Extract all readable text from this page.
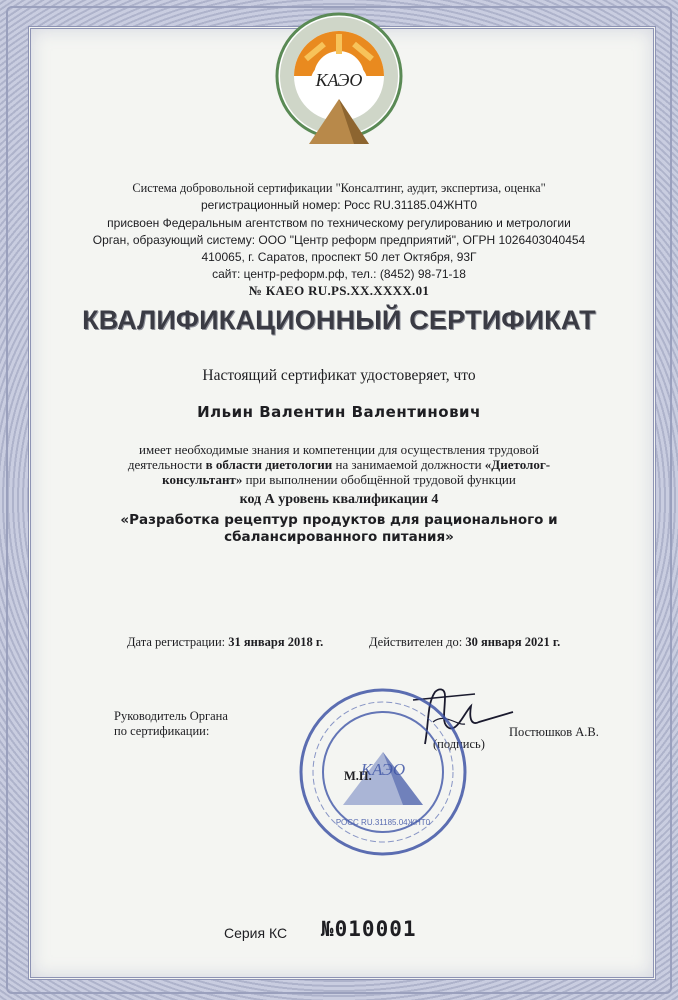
КАЭО
Система добровольной сертификации "Консалтинг, аудит, экспертиза, оценка"
регистрационный номер: Росс RU.31185.04ЖНТ0
присвоен Федеральным агентством по техническому регулированию и метрологии
Орган, образующий систему: ООО "Центр реформ предприятий", ОГРН 1026403040454
410065, г. Саратов, проспект 50 лет Октября, 93Г
сайт: центр-реформ.рф, тел.: (8452) 98-71-18
№ КАЕО RU.PS.XX.XXXX.01
КВАЛИФИКАЦИОННЫЙ СЕРТИФИКАТ
Настоящий сертификат удостоверяет, что
Ильин Валентин Валентинович
имеет необходимые знания и компетенции для осуществления трудовой
деятельности в области диетологии на занимаемой должности «Диетолог-
консультант» при выполнении обобщённой трудовой функции
код А уровень квалификации 4
«Разработка рецептур продуктов для рационального и
сбалансированного питания»
Дата регистрации: 31 января 2018 г.	Действителен до: 30 января 2021 г.
Руководитель Органа
по сертификации:	Постюшков А.В.
(подпись)
КАЭО
РОСС RU.31185.04ЖНТ0
М.П.
Серия КС №010001
